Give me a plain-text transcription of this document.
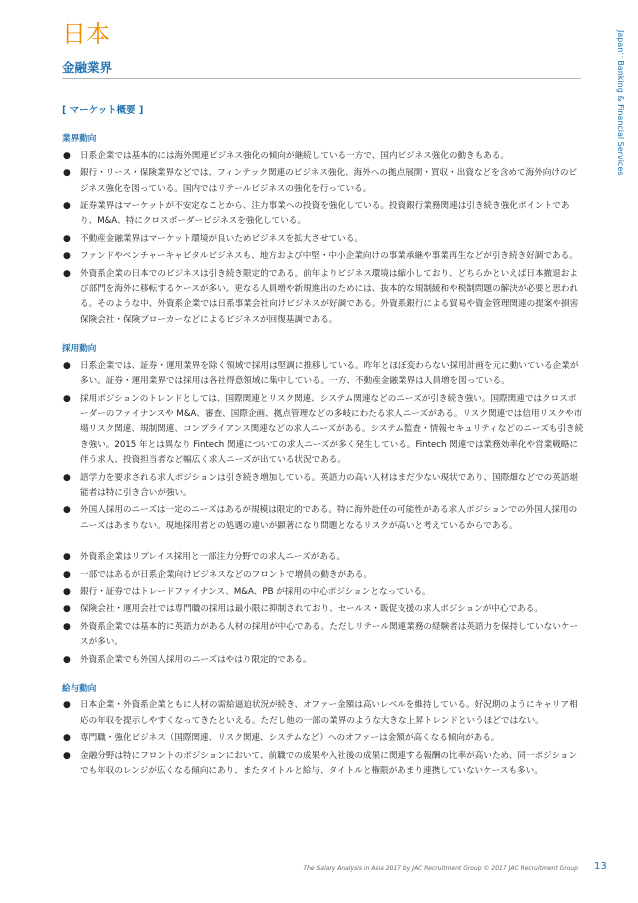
日本
金融業界	Japan：Banking & Financial Services
[ マーケット概要 ]
業界動向
● 日系企業では基本的には海外関連ビジネス強化の傾向が継続している一方で、国内ビジネス強化の動きもある。
● 銀行・リース・保険業界などでは、フィンテック関連のビジネス強化、海外への拠点展開・買収・出資などを含めて海外向けのビジネス強化を図っている。国内ではリテールビジネスの強化を行っている。
● 証券業界はマーケットが不安定なことから、注力事業への投資を強化している。投資銀行業務関連は引き続き強化ポイントであり、M&A、特にクロスボーダービジネスを強化している。
● 不動産金融業界はマーケット環境が良いためビジネスを拡大させている。
● ファンドやベンチャーキャピタルビジネスも、地方および中堅・中小企業向けの事業承継や事業再生などが引き続き好調である。
● 外資系企業の日本でのビジネスは引き続き限定的である。前年よりビジネス環境は縮小しており、どちらかといえば日本撤退および部門を海外に移転するケースが多い。更なる人員増や新規進出のためには、抜本的な規制緩和や税制問題の解決が必要と思われる。そのような中、外資系企業では日系事業会社向けビジネスが好調である。外資系銀行による貿易や資金管理関連の提案や損害保険会社・保険ブローカーなどによるビジネスが回復基調である。
採用動向
● 日系企業では、証券・運用業界を除く領域で採用は堅調に推移している。昨年とほぼ変わらない採用計画を元に動いている企業が多い。証券・運用業界では採用は各社得意領域に集中している。一方、不動産金融業界は人員増を図っている。
● 採用ポジションのトレンドとしては、国際関連とリスク関連、システム関連などのニーズが引き続き強い。国際関連ではクロスボーダーのファイナンスや M&A、審査、国際企画、拠点管理などの多岐にわたる求人ニーズがある。リスク関連では信用リスクや市場リスク関連、規制関連、コンプライアンス関連などの求人ニーズがある。システム監査・情報セキュリティなどのニーズも引き続き強い。2015 年とは異なり Fintech 関連についての求人ニーズが多く発生している。Fintech 関連では業務効率化や営業戦略に伴う求人、投資担当者など幅広く求人ニーズが出ている状況である。
● 語学力を要求される求人ポジションは引き続き増加している。英語力の高い人材はまだ少ない現状であり、国際畑などでの英語堪能者は特に引き合いが強い。
● 外国人採用のニーズは一定のニーズはあるが規模は限定的である。特に海外赴任の可能性がある求人ポジションでの外国人採用のニーズはあまりない。現地採用者との処遇の違いが顕著になり問題となるリスクが高いと考えているからである。
● 外資系企業はリプレイス採用と一部注力分野での求人ニーズがある。
● 一部ではあるが日系企業向けビジネスなどのフロントで増員の動きがある。
● 銀行・証券ではトレードファイナンス、M&A、PB が採用の中心ポジションとなっている。
● 保険会社・運用会社では専門職の採用は最小限に抑制されており、セールス・販促支援の求人ポジションが中心である。
● 外資系企業では基本的に英語力がある人材の採用が中心である。ただしリテール関連業務の経験者は英語力を保持していないケースが多い。
● 外資系企業でも外国人採用のニーズはやはり限定的である。
給与動向
● 日本企業・外資系企業ともに人材の需給逼迫状況が続き、オファー金額は高いレベルを維持している。好況期のようにキャリア相応の年収を提示しやすくなってきたといえる。ただし他の一部の業界のような大きな上昇トレンドというほどではない。
● 専門職・強化ビジネス（国際関連、リスク関連、システムなど）へのオファーは金額が高くなる傾向がある。
● 金融分野は特にフロントのポジションにおいて、前職での成果や入社後の成果に関連する報酬の比率が高いため、同一ポジションでも年収のレンジが広くなる傾向にあり、またタイトルと給与、タイトルと権限があまり連携していないケースも多い。
The Salary Analysis in Asia 2017 by JAC Recruitment Group © 2017 JAC Recruitment Group 13
